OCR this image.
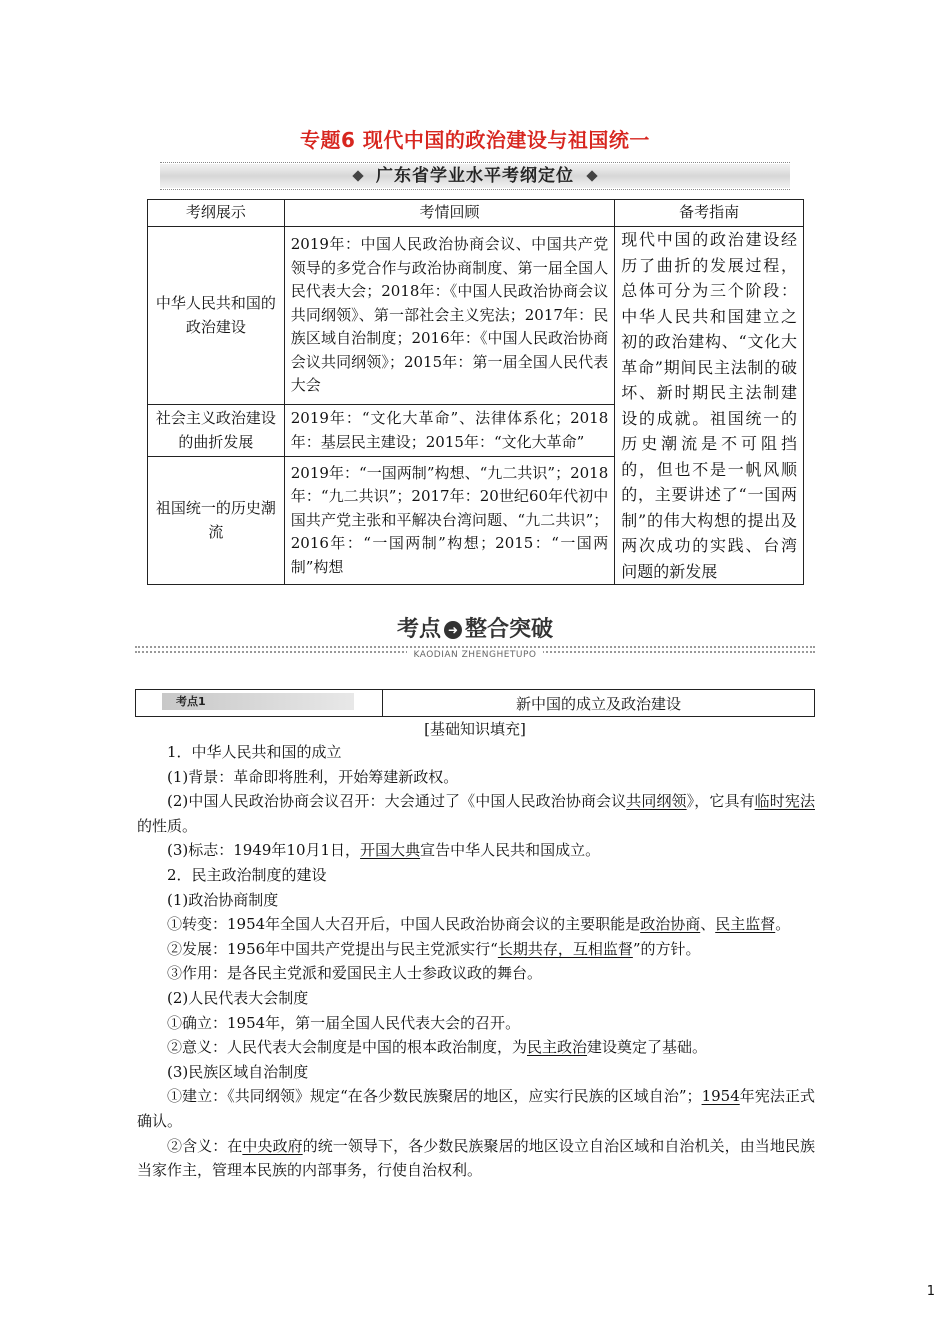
专题6 现代中国的政治建设与祖国统一
广东省学业水平考纲定位
考纲展示	考情回顾	备考指南
中华人民共和国的政治建设	2019年：中国人民政治协商会议、中国共产党领导的多党合作与政治协商制度、第一届全国人民代表大会；2018年：《中国人民政治协商会议共同纲领》、第一部社会主义宪法；2017年：民族区域自治制度；2016年：《中国人民政治协商会议共同纲领》；2015年：第一届全国人民代表大会	现代中国的政治建设经历了曲折的发展过程，总体可分为三个阶段：中华人民共和国建立之初的政治建构、“文化大革命”期间民主法制的破坏、新时期民主法制建设的成就。祖国统一的历史潮流是不可阻挡的，但也不是一帆风顺的，主要讲述了“一国两制”的伟大构想的提出及两次成功的实践、台湾问题的新发展
社会主义政治建设的曲折发展	2019年：“文化大革命”、法律体系化；2018年：基层民主建设；2015年：“文化大革命”	
祖国统一的历史潮流	2019年：“一国两制”构想、“九二共识”；2018年：“九二共识”；2017年：20世纪60年代初中国共产党主张和平解决台湾问题、“九二共识”；2016年：“一国两制”构想；2015：“一国两制”构想	
考点 ➜ 整合突破
KAODIAN ZHENGHETUPO
考点1	新中国的成立及政治建设
[基础知识填充]

1．中华人民共和国的成立

(1)背景：革命即将胜利，开始筹建新政权。

(2)中国人民政治协商会议召开：大会通过了《中国人民政治协商会议共同纲领》，它具有临时宪法的性质。

(3)标志：1949年10月1日，开国大典宣告中华人民共和国成立。

2．民主政治制度的建设

(1)政治协商制度

①转变：1954年全国人大召开后，中国人民政治协商会议的主要职能是政治协商、民主监督。

②发展：1956年中国共产党提出与民主党派实行“长期共存，互相监督”的方针。

③作用：是各民主党派和爱国民主人士参政议政的舞台。

(2)人民代表大会制度

①确立：1954年，第一届全国人民代表大会的召开。

②意义：人民代表大会制度是中国的根本政治制度，为民主政治建设奠定了基础。

(3)民族区域自治制度

①建立：《共同纲领》规定“在各少数民族聚居的地区，应实行民族的区域自治”；1954年宪法正式确认。

②含义：在中央政府的统一领导下，各少数民族聚居的地区设立自治区域和自治机关，由当地民族当家作主，管理本民族的内部事务，行使自治权利。

1
